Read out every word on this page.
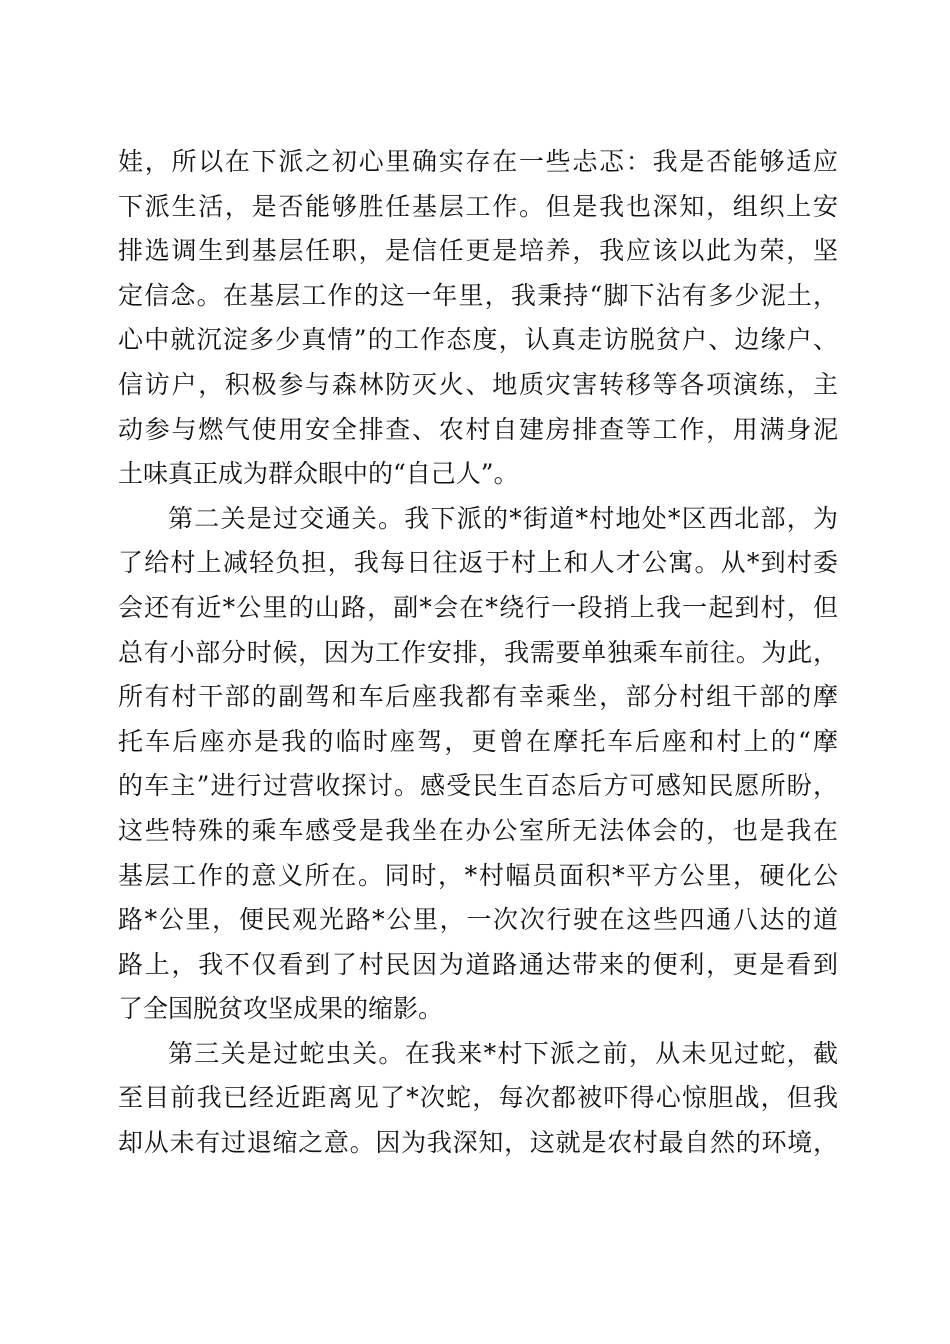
娃，所以在下派之初心里确实存在一些忐忑：我是否能够适应
下派生活，是否能够胜任基层工作。但是我也深知，组织上安
排选调生到基层任职，是信任更是培养，我应该以此为荣，坚
定信念。在基层工作的这一年里，我秉持“脚下沾有多少泥土，
心中就沉淀多少真情”的工作态度，认真走访脱贫户、边缘户、
信访户，积极参与森林防灭火、地质灾害转移等各项演练，主
动参与燃气使用安全排查、农村自建房排查等工作，用满身泥
土味真正成为群众眼中的“自己人”。
第二关是过交通关。我下派的*街道*村地处*区西北部，为
了给村上减轻负担，我每日往返于村上和人才公寓。从*到村委
会还有近*公里的山路，副*会在*绕行一段捎上我一起到村，但
总有小部分时候，因为工作安排，我需要单独乘车前往。为此，
所有村干部的副驾和车后座我都有幸乘坐，部分村组干部的摩
托车后座亦是我的临时座驾，更曾在摩托车后座和村上的“摩
的车主”进行过营收探讨。感受民生百态后方可感知民愿所盼，
这些特殊的乘车感受是我坐在办公室所无法体会的，也是我在
基层工作的意义所在。同时，*村幅员面积*平方公里，硬化公
路*公里，便民观光路*公里，一次次行驶在这些四通八达的道
路上，我不仅看到了村民因为道路通达带来的便利，更是看到
了全国脱贫攻坚成果的缩影。
第三关是过蛇虫关。在我来*村下派之前，从未见过蛇，截
至目前我已经近距离见了*次蛇，每次都被吓得心惊胆战，但我
却从未有过退缩之意。因为我深知，这就是农村最自然的环境，
